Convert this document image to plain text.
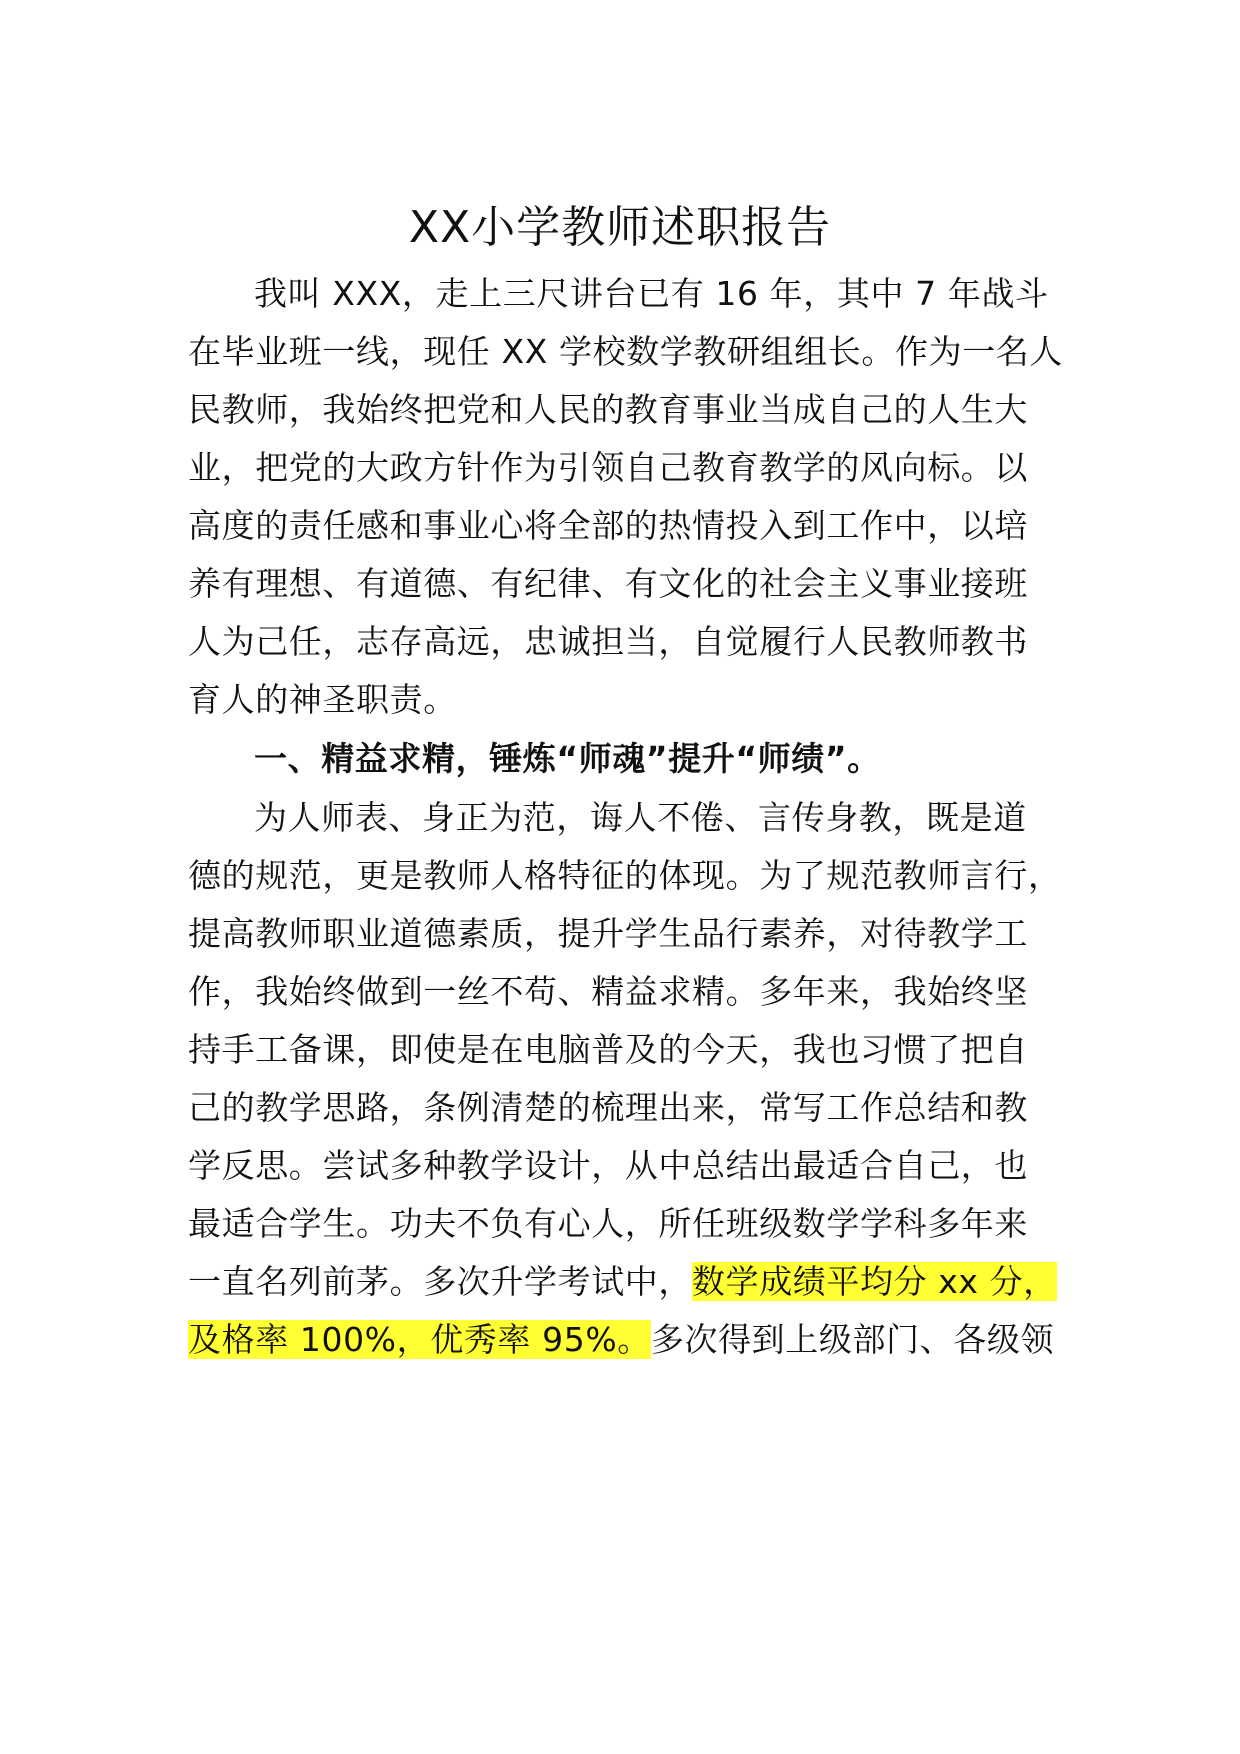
XX小学教师述职报告
我叫 XXX，走上三尺讲台已有 16 年，其中 7 年战斗
在毕业班一线，现任 XX 学校数学教研组组长。作为一名人
民教师，我始终把党和人民的教育事业当成自己的人生大
业，把党的大政方针作为引领自己教育教学的风向标。以
高度的责任感和事业心将全部的热情投入到工作中，以培
养有理想、有道德、有纪律、有文化的社会主义事业接班
人为己任，志存高远，忠诚担当，自觉履行人民教师教书
育人的神圣职责。
一、精益求精，锤炼“师魂”提升“师绩”。
为人师表、身正为范，诲人不倦、言传身教，既是道
德的规范，更是教师人格特征的体现。为了规范教师言行，
提高教师职业道德素质，提升学生品行素养，对待教学工
作，我始终做到一丝不苟、精益求精。多年来，我始终坚
持手工备课，即使是在电脑普及的今天，我也习惯了把自
己的教学思路，条例清楚的梳理出来，常写工作总结和教
学反思。尝试多种教学设计，从中总结出最适合自己，也
最适合学生。功夫不负有心人，所任班级数学学科多年来
一直名列前茅。多次升学考试中，数学成绩平均分 xx 分，
及格率 100%，优秀率 95%。多次得到上级部门、各级领
